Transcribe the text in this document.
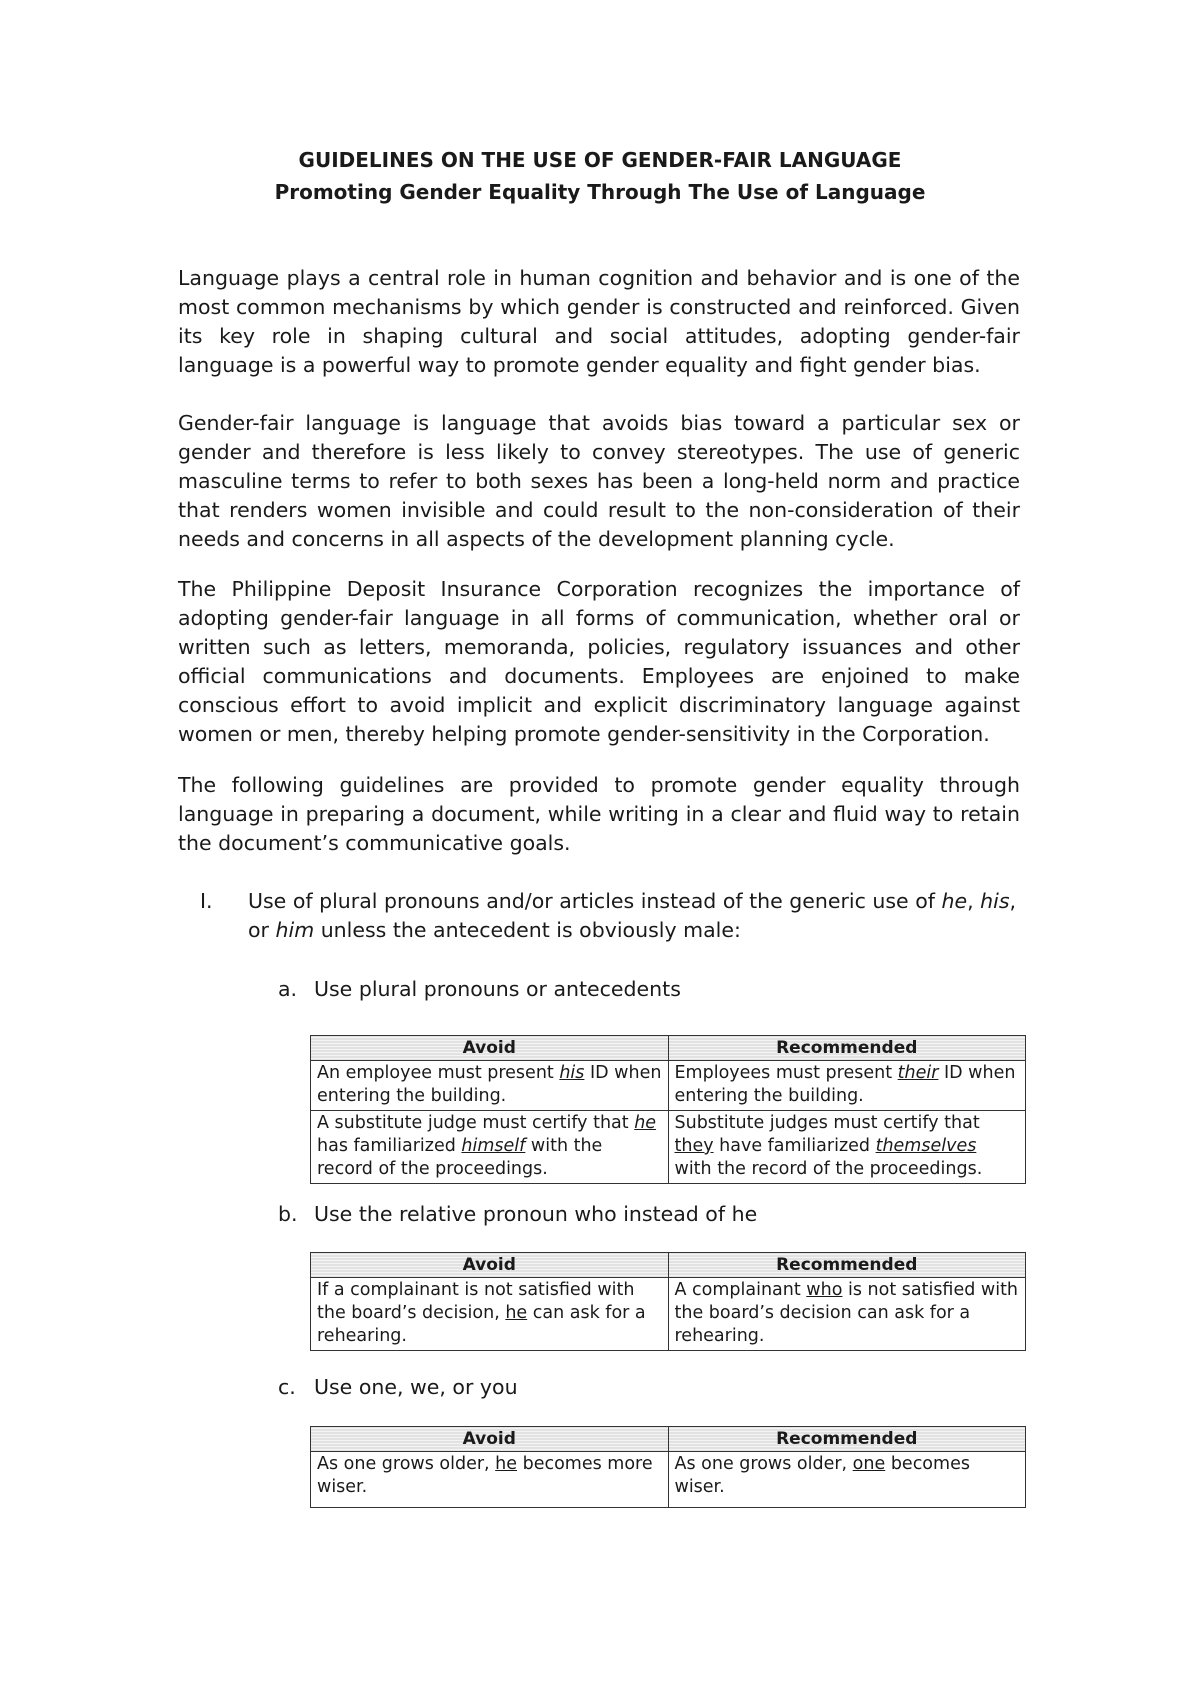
GUIDELINES ON THE USE OF GENDER-FAIR LANGUAGE
Promoting Gender Equality Through The Use of Language

Language plays a central role in human cognition and behavior and is one of the most common mechanisms by which gender is constructed and reinforced. Given its key role in shaping cultural and social attitudes, adopting gender-fair language is a powerful way to promote gender equality and fight gender bias.

Gender-fair language is language that avoids bias toward a particular sex or gender and therefore is less likely to convey stereotypes. The use of generic masculine terms to refer to both sexes has been a long-held norm and practice that renders women invisible and could result to the non-consideration of their needs and concerns in all aspects of the development planning cycle.

The Philippine Deposit Insurance Corporation recognizes the importance of adopting gender-fair language in all forms of communication, whether oral or written such as letters, memoranda, policies, regulatory issuances and other official communications and documents. Employees are enjoined to make conscious effort to avoid implicit and explicit discriminatory language against women or men, thereby helping promote gender-sensitivity in the Corporation.

The following guidelines are provided to promote gender equality through language in preparing a document, while writing in a clear and fluid way to retain the document’s communicative goals.

I. Use of plural pronouns and/or articles instead of the generic use of he, his, or him unless the antecedent is obviously male:
a. Use plural pronouns or antecedents
Avoid	Recommended
An employee must present his ID when entering the building.	Employees must present their ID when entering the building.
A substitute judge must certify that he has familiarized himself with the record of the proceedings.	Substitute judges must certify that they have familiarized themselves with the record of the proceedings.
b. Use the relative pronoun who instead of he
Avoid	Recommended
If a complainant is not satisfied with the board’s decision, he can ask for a rehearing.	A complainant who is not satisfied with the board’s decision can ask for a rehearing.
c. Use one, we, or you
Avoid	Recommended
As one grows older, he becomes more wiser.	As one grows older, one becomes wiser.
